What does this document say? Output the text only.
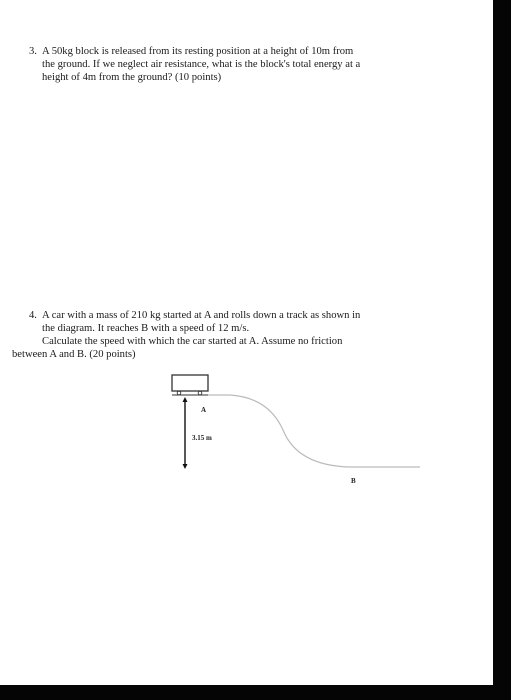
3. A 50kg block is released from its resting position at a height of 10m from

the ground. If we neglect air resistance, what is the block's total energy at a

height of 4m from the ground? (10 points)

4. A car with a mass of 210 kg started at A and rolls down a track as shown in

the diagram. It reaches B with a speed of 12 m/s.

Calculate the speed with which the car started at A. Assume no friction

between A and B. (20 points)

A
3.15 m
B
